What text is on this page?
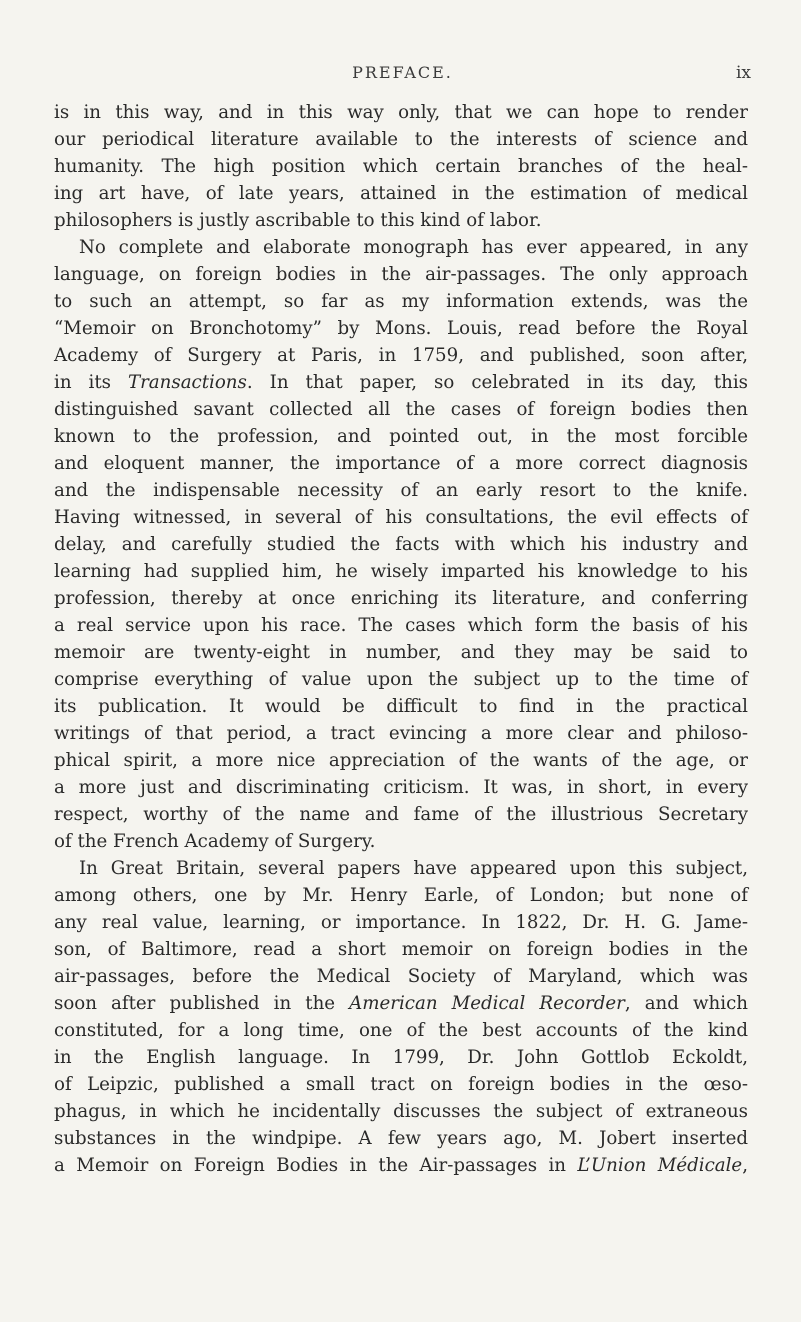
PREFACE.	ix
is in this way, and in this way only, that we can hope to render
our periodical literature available to the interests of science and
humanity. The high position which certain branches of the heal-
ing art have, of late years, attained in the estimation of medical
philosophers is justly ascribable to this kind of labor.
No complete and elaborate monograph has ever appeared, in any
language, on foreign bodies in the air-passages. The only approach
to such an attempt, so far as my information extends, was the
“Memoir on Bronchotomy” by Mons. Louis, read before the Royal
Academy of Surgery at Paris, in 1759, and published, soon after,
in its Transactions. In that paper, so celebrated in its day, this
distinguished savant collected all the cases of foreign bodies then
known to the profession, and pointed out, in the most forcible
and eloquent manner, the importance of a more correct diagnosis
and the indispensable necessity of an early resort to the knife.
Having witnessed, in several of his consultations, the evil effects of
delay, and carefully studied the facts with which his industry and
learning had supplied him, he wisely imparted his knowledge to his
profession, thereby at once enriching its literature, and conferring
a real service upon his race. The cases which form the basis of his
memoir are twenty-eight in number, and they may be said to
comprise everything of value upon the subject up to the time of
its publication. It would be difficult to find in the practical
writings of that period, a tract evincing a more clear and philoso-
phical spirit, a more nice appreciation of the wants of the age, or
a more just and discriminating criticism. It was, in short, in every
respect, worthy of the name and fame of the illustrious Secretary
of the French Academy of Surgery.
In Great Britain, several papers have appeared upon this subject,
among others, one by Mr. Henry Earle, of London; but none of
any real value, learning, or importance. In 1822, Dr. H. G. Jame-
son, of Baltimore, read a short memoir on foreign bodies in the
air-passages, before the Medical Society of Maryland, which was
soon after published in the American Medical Recorder, and which
constituted, for a long time, one of the best accounts of the kind
in the English language. In 1799, Dr. John Gottlob Eckoldt,
of Leipzic, published a small tract on foreign bodies in the œso-
phagus, in which he incidentally discusses the subject of extraneous
substances in the windpipe. A few years ago, M. Jobert inserted
a Memoir on Foreign Bodies in the Air-passages in L’Union Médicale,
